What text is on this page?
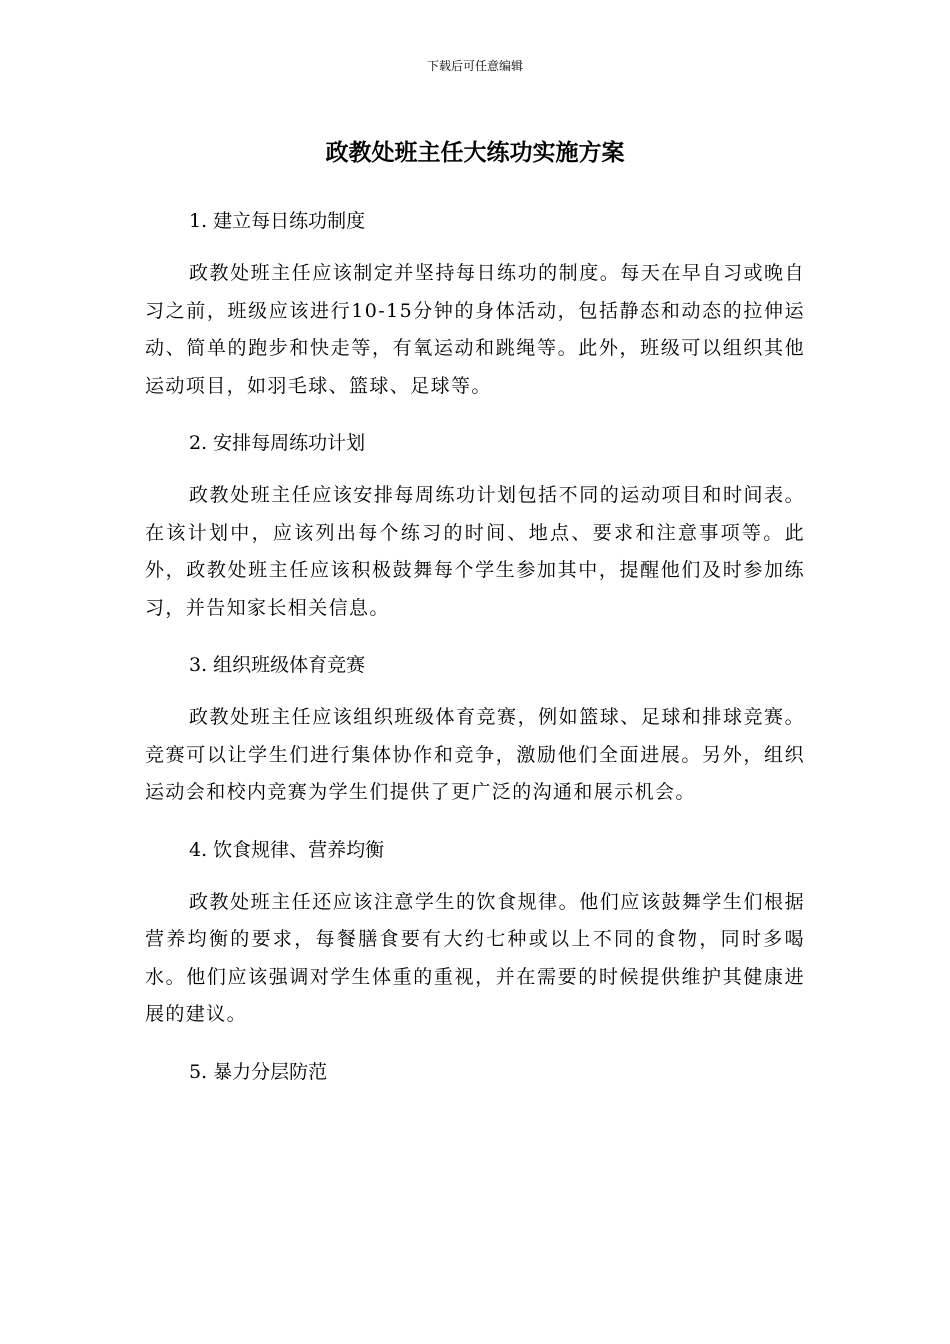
下载后可任意编辑
政教处班主任大练功实施方案

1. 建立每日练功制度

政教处班主任应该制定并坚持每日练功的制度。每天在早自习或晚自习之前，班级应该进行10-15分钟的身体活动，包括静态和动态的拉伸运动、简单的跑步和快走等，有氧运动和跳绳等。此外，班级可以组织其他运动项目，如羽毛球、篮球、足球等。

2. 安排每周练功计划

政教处班主任应该安排每周练功计划包括不同的运动项目和时间表。在该计划中，应该列出每个练习的时间、地点、要求和注意事项等。此外，政教处班主任应该积极鼓舞每个学生参加其中，提醒他们及时参加练习，并告知家长相关信息。

3. 组织班级体育竞赛

政教处班主任应该组织班级体育竞赛，例如篮球、足球和排球竞赛。竞赛可以让学生们进行集体协作和竞争，激励他们全面进展。另外，组织运动会和校内竞赛为学生们提供了更广泛的沟通和展示机会。

4. 饮食规律、营养均衡

政教处班主任还应该注意学生的饮食规律。他们应该鼓舞学生们根据营养均衡的要求，每餐膳食要有大约七种或以上不同的食物，同时多喝水。他们应该强调对学生体重的重视，并在需要的时候提供维护其健康进展的建议。

5. 暴力分层防范
